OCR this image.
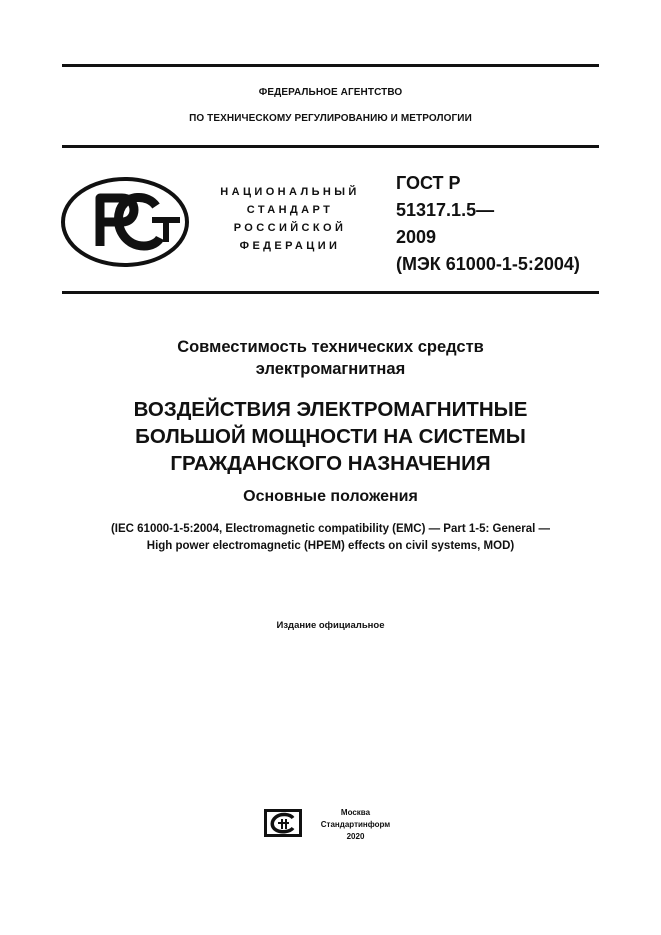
ФЕДЕРАЛЬНОЕ АГЕНТСТВО
ПО ТЕХНИЧЕСКОМУ РЕГУЛИРОВАНИЮ И МЕТРОЛОГИИ
НАЦИОНАЛЬНЫЙ
СТАНДАРТ
РОССИЙСКОЙ
ФЕДЕРАЦИИ
ГОСТ Р
51317.1.5—
2009
(МЭК 61000-1-5:2004)
Совместимость технических средств
электромагнитная
ВОЗДЕЙСТВИЯ ЭЛЕКТРОМАГНИТНЫЕ
БОЛЬШОЙ МОЩНОСТИ НА СИСТЕМЫ
ГРАЖДАНСКОГО НАЗНАЧЕНИЯ
Основные положения
(IEC 61000-1-5:2004, Electromagnetic compatibility (EMC) — Part 1-5: General —
High power electromagnetic (HPEM) effects on civil systems, MOD)
Издание официальное
Москва
Стандартинформ
2020
